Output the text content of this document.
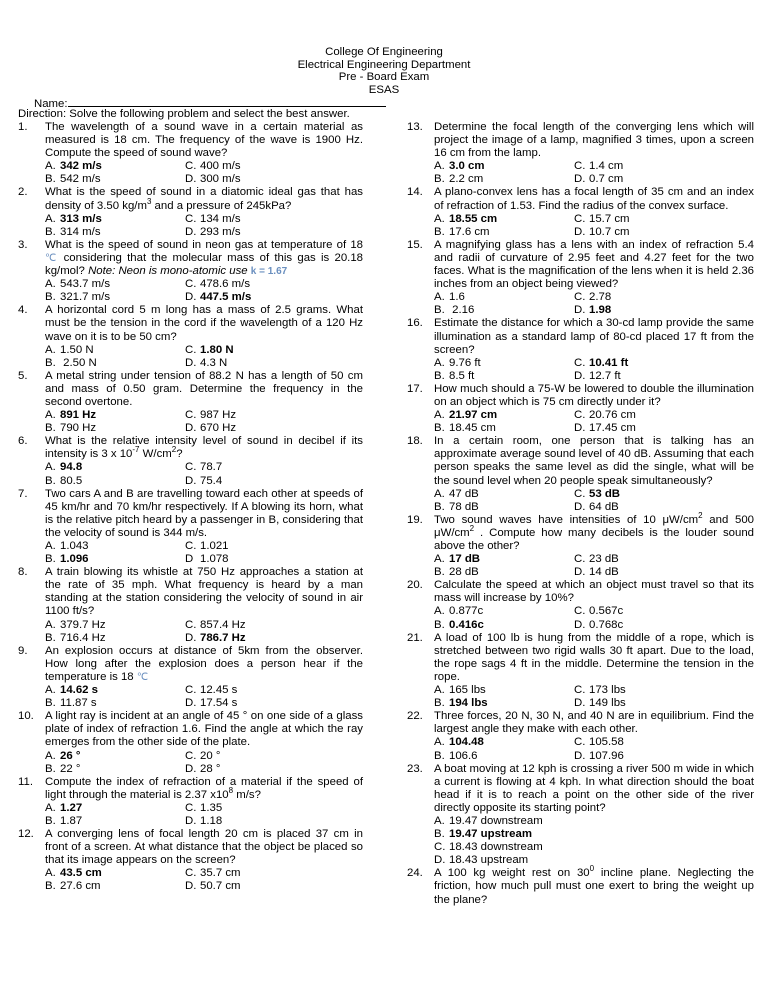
College Of Engineering
Electrical Engineering Department
Pre - Board Exam
ESAS
Name:
Direction: Solve the following problem and select the best answer.
1. The wavelength of a sound wave in a certain material as measured is 18 cm. The frequency of the wave is 1900 Hz. Compute the speed of sound wave?
A. 342 m/s	C. 400 m/s
B. 542 m/s	D. 300 m/s
2. What is the speed of sound in a diatomic ideal gas that has density of 3.50 $kg/m^3$ and a pressure of 245kPa?
A. 313 m/s	C. 134 m/s
B. 314 m/s	D. 293 m/s
3. What is the speed of sound in neon gas at temperature of 18 ℃ considering that the molecular mass of this gas is 20.18 kg/mol? Note: Neon is mono-atomic use k = 1.67
A. 543.7 m/s	C. 478.6 m/s
B. 321.7 m/s	D. 447.5 m/s
4. A horizontal cord 5 m long has a mass of 2.5 grams. What must be the tension in the cord if the wavelength of a 120 Hz wave on it is to be 50 cm?
A. 1.50 N	C. 1.80 N
B. 2.50 N	D. 4.3 N
5. A metal string under tension of 88.2 N has a length of 50 cm and mass of 0.50 gram. Determine the frequency in the second overtone.
A. 891 Hz	C. 987 Hz
B. 790 Hz	D. 670 Hz
6. What is the relative intensity level of sound in decibel if its intensity is 3 x $10^{-7}$ $W/cm^2$?
A. 94.8	C. 78.7
B. 80.5	D. 75.4
7. Two cars A and B are travelling toward each other at speeds of 45 km/hr and 70 km/hr respectively. If A blowing its horn, what is the relative pitch heard by a passenger in B, considering that the velocity of sound is 344 m/s.
A. 1.043	C. 1.021
B. 1.096	D 1.078
8. A train blowing its whistle at 750 Hz approaches a station at the rate of 35 mph. What frequency is heard by a man standing at the station considering the velocity of sound in air 1100 ft/s?
A. 379.7 Hz	C. 857.4 Hz
B. 716.4 Hz	D. 786.7 Hz
9. An explosion occurs at distance of 5km from the observer. How long after the explosion does a person hear if the temperature is 18 ℃
A. 14.62 s	C. 12.45 s
B. 11.87 s	D. 17.54 s
10. A light ray is incident at an angle of 45 ° on one side of a glass plate of index of refraction 1.6. Find the angle at which the ray emerges from the other side of the plate.
A. 26 °	C. 20 °
B. 22 °	D. 28 °
11. Compute the index of refraction of a material if the speed of light through the material is 2.37 $x10^8$ m/s?
A. 1.27	C. 1.35
B. 1.87	D. 1.18
12. A converging lens of focal length 20 cm is placed 37 cm in front of a screen. At what distance that the object be placed so that its image appears on the screen?
A. 43.5 cm	C. 35.7 cm
B. 27.6 cm	D. 50.7 cm
13. Determine the focal length of the converging lens which will project the image of a lamp, magnified 3 times, upon a screen 16 cm from the lamp.
A. 3.0 cm	C. 1.4 cm
B. 2.2 cm	D. 0.7 cm
14. A plano-convex lens has a focal length of 35 cm and an index of refraction of 1.53. Find the radius of the convex surface.
A. 18.55 cm	C. 15.7 cm
B. 17.6 cm	D. 10.7 cm
15. A magnifying glass has a lens with an index of refraction 5.4 and radii of curvature of 2.95 feet and 4.27 feet for the two faces. What is the magnification of the lens when it is held 2.36 inches from an object being viewed?
A. 1.6	C. 2.78
B. 2.16	D. 1.98
16. Estimate the distance for which a 30-cd lamp provide the same illumination as a standard lamp of 80-cd placed 17 ft from the screen?
A. 9.76 ft	C. 10.41 ft
B. 8.5 ft	D. 12.7 ft
17. How much should a 75-W be lowered to double the illumination on an object which is 75 cm directly under it?
A. 21.97 cm	C. 20.76 cm
B. 18.45 cm	D. 17.45 cm
18. In a certain room, one person that is talking has an approximate average sound level of 40 dB. Assuming that each person speaks the same level as did the single, what will be the sound level when 20 people speak simultaneously?
A. 47 dB	C. 53 dB
B. 78 dB	D. 64 dB
19. Two sound waves have intensities of 10 $\mu W/cm^2$ and 500 $\mu W/cm^2$ . Compute how many decibels is the louder sound above the other?
A. 17 dB	C. 23 dB
B. 28 dB	D. 14 dB
20. Calculate the speed at which an object must travel so that its mass will increase by 10%?
A. 0.877c	C. 0.567c
B. 0.416c	D. 0.768c
21. A load of 100 lb is hung from the middle of a rope, which is stretched between two rigid walls 30 ft apart. Due to the load, the rope sags 4 ft in the middle. Determine the tension in the rope.
A. 165 lbs	C. 173 lbs
B. 194 lbs	D. 149 lbs
22. Three forces, 20 N, 30 N, and 40 N are in equilibrium. Find the largest angle they make with each other.
A. 104.48	C. 105.58
B. 106.6	D. 107.96
23. A boat moving at 12 kph is crossing a river 500 m wide in which a current is flowing at 4 kph. In what direction should the boat head if it is to reach a point on the other side of the river directly opposite its starting point?
A. 19.47 downstream
B. 19.47 upstream
C. 18.43 downstream
D. 18.43 upstream
24. A 100 kg weight rest on $30^0$ incline plane. Neglecting the friction, how much pull must one exert to bring the weight up the plane?
